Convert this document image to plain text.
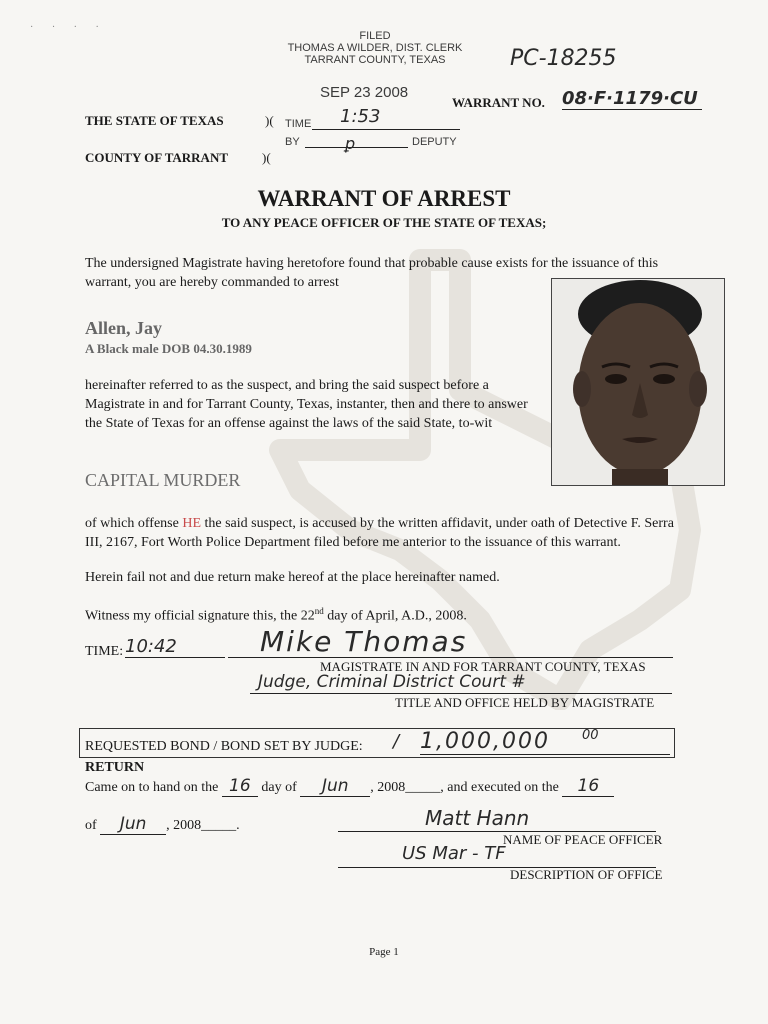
· · · ·
FILED
THOMAS A WILDER, DIST. CLERK
TARRANT COUNTY, TEXAS
SEP 23 2008
PC-18255
WARRANT NO. 08·F·1179·CU
THE STATE OF TEXAS	)( TIME 1:53
BY	ꝑ	DEPUTY
COUNTY OF TARRANT	)(
WARRANT OF ARREST
TO ANY PEACE OFFICER OF THE STATE OF TEXAS;
The undersigned Magistrate having heretofore found that probable cause exists for the issuance of this warrant, you are hereby commanded to arrest
Allen, Jay
A Black male DOB 04.30.1989
hereinafter referred to as the suspect, and bring the said suspect before a Magistrate in and for Tarrant County, Texas, instanter, then and there to answer the State of Texas for an offense against the laws of the said State, to-wit
CAPITAL MURDER
of which offense HE the said suspect, is accused by the written affidavit, under oath of Detective F. Serra III, 2167, Fort Worth Police Department filed before me anterior to the issuance of this warrant.
Herein fail not and due return make hereof at the place hereinafter named.
Witness my official signature this, the 22nd day of April, A.D., 2008.
TIME: 10:42	Mike Thomas
MAGISTRATE IN AND FOR TARRANT COUNTY, TEXAS
Judge, Criminal District Court #
TITLE AND OFFICE HELD BY MAGISTRATE
REQUESTED BOND / BOND SET BY JUDGE: / 1,000,000	00
RETURN
Came on to hand on the 16 day of Jun , 2008_____, and executed on the 16
of Jun , 2008_____.	Matt Hann
NAME OF PEACE OFFICER
US Mar - TF
DESCRIPTION OF OFFICE
Page 1
